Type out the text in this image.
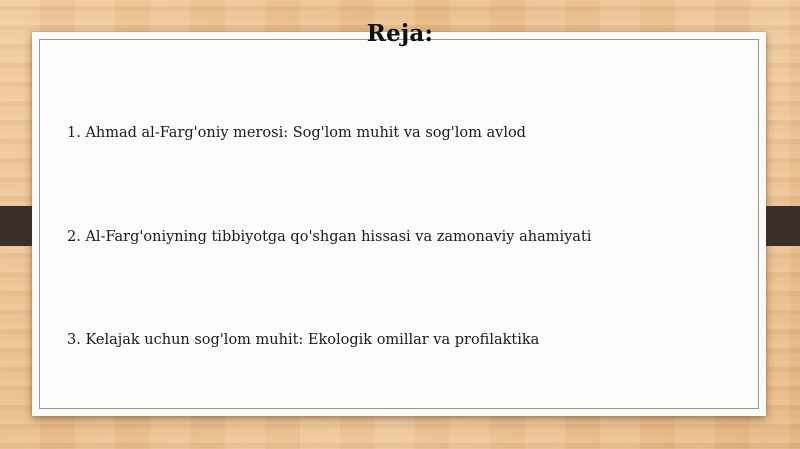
Reja:
1. Ahmad al-Farg'oniy merosi: Sog'lom muhit va sog'lom avlod
2. Al-Farg'oniyning tibbiyotga qo'shgan hissasi va zamonaviy ahamiyati
3. Kelajak uchun sog'lom muhit: Ekologik omillar va profilaktika
